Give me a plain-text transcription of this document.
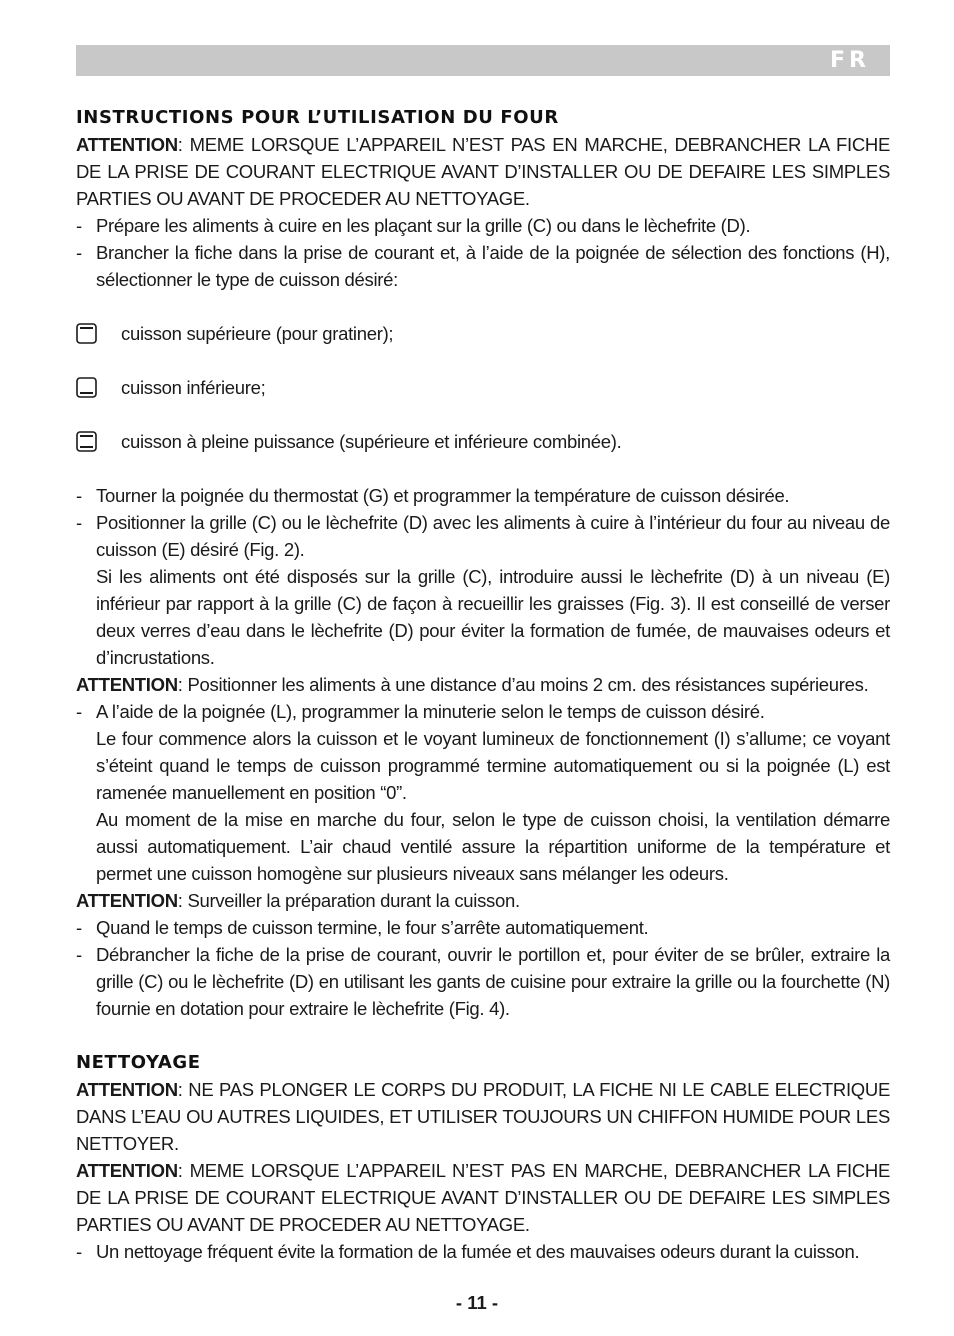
FR
INSTRUCTIONS POUR L’UTILISATION DU FOUR

ATTENTION: MEME LORSQUE L’APPAREIL N’EST PAS EN MARCHE, DEBRANCHER LA FICHE DE LA PRISE DE COURANT ELECTRIQUE AVANT D’INSTALLER OU DE DEFAIRE LES SIMPLES PARTIES OU AVANT DE PROCEDER AU NETTOYAGE.

- Prépare les aliments à cuire en les plaçant sur la grille (C) ou dans le lèchefrite (D).

- Brancher la fiche dans la prise de courant et, à l’aide de la poignée de sélection des fonctions (H), sélectionner le type de cuisson désiré:

cuisson supérieure (pour gratiner);
cuisson inférieure;
cuisson à pleine puissance (supérieure et inférieure combinée).
- Tourner la poignée du thermostat (G) et programmer la température de cuisson désirée.

- Positionner la grille (C) ou le lèchefrite (D) avec les aliments à cuire à l’intérieur du four au niveau de cuisson (E) désiré (Fig. 2).

Si les aliments ont été disposés sur la grille (C), introduire aussi le lèchefrite (D) à un niveau (E) inférieur par rapport à la grille (C) de façon à recueillir les graisses (Fig. 3). Il est conseillé de verser deux verres d’eau dans le lèchefrite (D) pour éviter la formation de fumée, de mauvaises odeurs et d’incrustations.

ATTENTION: Positionner les aliments à une distance d’au moins 2 cm. des résistances supérieures.

- A l’aide de la poignée (L), programmer la minuterie selon le temps de cuisson désiré.

Le four commence alors la cuisson et le voyant lumineux de fonctionnement (I) s’allume; ce voyant s’éteint quand le temps de cuisson programmé termine automatiquement ou si la poignée (L) est ramenée manuellement en position “0”.

Au moment de la mise en marche du four, selon le type de cuisson choisi, la ventilation démarre aussi automatiquement. L’air chaud ventilé assure la répartition uniforme de la température et permet une cuisson homogène sur plusieurs niveaux sans mélanger les odeurs.

ATTENTION: Surveiller la préparation durant la cuisson.

- Quand le temps de cuisson termine, le four s’arrête automatiquement.

- Débrancher la fiche de la prise de courant, ouvrir le portillon et, pour éviter de se brûler, extraire la grille (C) ou le lèchefrite (D) en utilisant les gants de cuisine pour extraire la grille ou la fourchette (N) fournie en dotation pour extraire le lèchefrite (Fig. 4).

NETTOYAGE

ATTENTION: NE PAS PLONGER LE CORPS DU PRODUIT, LA FICHE NI LE CABLE ELECTRIQUE DANS L’EAU OU AUTRES LIQUIDES, ET UTILISER TOUJOURS UN CHIFFON HUMIDE POUR LES NETTOYER.

ATTENTION: MEME LORSQUE L’APPAREIL N’EST PAS EN MARCHE, DEBRANCHER LA FICHE DE LA PRISE DE COURANT ELECTRIQUE AVANT D’INSTALLER OU DE DEFAIRE LES SIMPLES PARTIES OU AVANT DE PROCEDER AU NETTOYAGE.

- Un nettoyage fréquent évite la formation de la fumée et des mauvaises odeurs durant la cuisson.

- 11 -
